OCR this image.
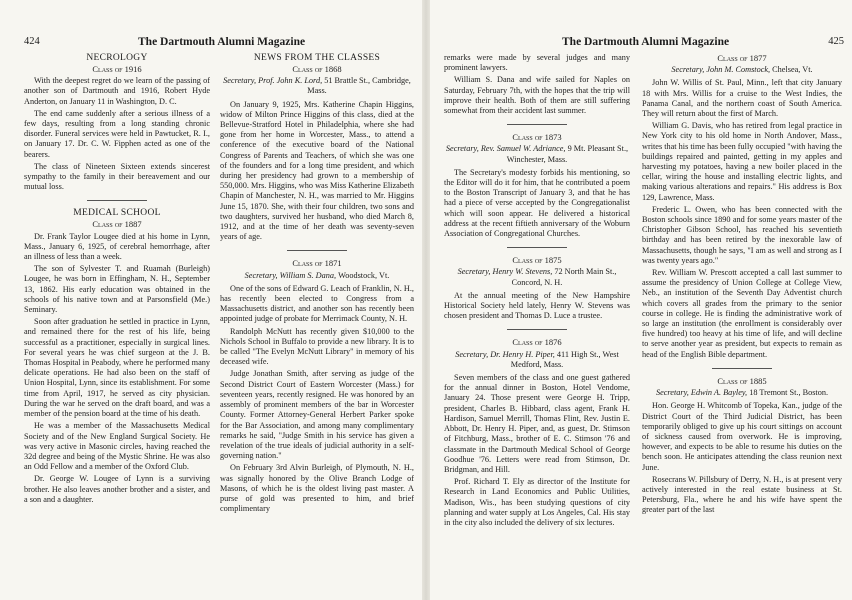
424	The Dartmouth Alumni Magazine
NECROLOGY
Class of 1916

With the deepest regret do we learn of the passing of another son of Dartmouth and 1916, Robert Hyde Anderton, on January 11 in Washington, D. C.

The end came suddenly after a serious illness of a few days, resulting from a long standing chronic disorder. Funeral services were held in Pawtucket, R. I., on January 17. Dr. C. W. Fipphen acted as one of the bearers.

The class of Nineteen Sixteen extends sincerest sympathy to the family in their bereavement and our mutual loss.

MEDICAL SCHOOL
Class of 1887

Dr. Frank Taylor Lougee died at his home in Lynn, Mass., January 6, 1925, of cerebral hemorrhage, after an illness of less than a week.

The son of Sylvester T. and Ruamah (Burleigh) Lougee, he was born in Effingham, N. H., September 13, 1862. His early education was obtained in the schools of his native town and at Parsonsfield (Me.) Seminary.

Soon after graduation he settled in practice in Lynn, and remained there for the rest of his life, being successful as a practitioner, especially in surgical lines. For several years he was chief surgeon at the J. B. Thomas Hospital in Peabody, where he performed many delicate operations. He had also been on the staff of Union Hospital, Lynn, since its establishment. For some time from April, 1917, he served as city physician. During the war he served on the draft board, and was a member of the pension board at the time of his death.

He was a member of the Massachusetts Medical Society and of the New England Surgical Society. He was very active in Masonic circles, having reached the 32d degree and being of the Mystic Shrine. He was also an Odd Fellow and a member of the Oxford Club.

Dr. George W. Lougee of Lynn is a surviving brother. He also leaves another brother and a sister, and a son and a daughter.

NEWS FROM THE CLASSES
Class of 1868
Secretary, Prof. John K. Lord, 51 Brattle St., Cambridge, Mass.

On January 9, 1925, Mrs. Katherine Chapin Higgins, widow of Milton Prince Higgins of this class, died at the Bellevue-Stratford Hotel in Philadelphia, where she had gone from her home in Worcester, Mass., to attend a conference of the executive board of the National Congress of Parents and Teachers, of which she was one of the founders and for a long time president, and which during her presidency had grown to a membership of 550,000. Mrs. Higgins, who was Miss Katherine Elizabeth Chapin of Manchester, N. H., was married to Mr. Higgins June 15, 1870. She, with their four children, two sons and two daughters, survived her husband, who died March 8, 1912, and at the time of her death was seventy-seven years of age.

Class of 1871
Secretary, William S. Dana, Woodstock, Vt.

One of the sons of Edward G. Leach of Franklin, N. H., has recently been elected to Congress from a Massachusetts district, and another son has recently been appointed judge of probate for Merrimack County, N. H.

Randolph McNutt has recently given $10,000 to the Nichols School in Buffalo to provide a new library. It is to be called "The Evelyn McNutt Library" in memory of his deceased wife.

Judge Jonathan Smith, after serving as judge of the Second District Court of Eastern Worcester (Mass.) for seventeen years, recently resigned. He was honored by an assembly of prominent members of the bar in Worcester County. Former Attorney-General Herbert Parker spoke for the Bar Association, and among many complimentary remarks he said, "Judge Smith in his service has given a revelation of the true ideals of judicial authority in a self-governing nation."

On February 3rd Alvin Burleigh, of Plymouth, N. H., was signally honored by the Olive Branch Lodge of Masons, of which he is the oldest living past master. A purse of gold was presented to him, and brief complimentary

The Dartmouth Alumni Magazine	425

remarks were made by several judges and many prominent lawyers.

William S. Dana and wife sailed for Naples on Saturday, February 7th, with the hopes that the trip will improve their health. Both of them are still suffering somewhat from their accident last summer.

Class of 1873
Secretary, Rev. Samuel W. Adriance, 9 Mt. Pleasant St., Winchester, Mass.

The Secretary's modesty forbids his mentioning, so the Editor will do it for him, that he contributed a poem to the Boston Transcript of January 3, and that he has had a piece of verse accepted by the Congregationalist which will soon appear. He delivered a historical address at the recent fiftieth anniversary of the Woburn Association of Congregational Churches.

Class of 1875
Secretary, Henry W. Stevens, 72 North Main St., Concord, N. H.

At the annual meeting of the New Hampshire Historical Society held lately, Henry W. Stevens was chosen president and Thomas D. Luce a trustee.

Class of 1876
Secretary, Dr. Henry H. Piper, 411 High St., West Medford, Mass.

Seven members of the class and one guest gathered for the annual dinner in Boston, Hotel Vendome, January 24. Those present were George H. Tripp, president, Charles B. Hibbard, class agent, Frank H. Hardison, Samuel Merrill, Thomas Flint, Rev. Justin E. Abbott, Dr. Henry H. Piper, and, as guest, Dr. Stimson of Fitchburg, Mass., brother of E. C. Stimson '76 and classmate in the Dartmouth Medical School of George Goodhue '76. Letters were read from Stimson, Dr. Bridgman, and Hill.

Prof. Richard T. Ely as director of the Institute for Research in Land Economics and Public Utilities, Madison, Wis., has been studying questions of city planning and water supply at Los Angeles, Cal. His stay in the city also included the delivery of six lectures.

Class of 1877
Secretary, John M. Comstock, Chelsea, Vt.

John W. Willis of St. Paul, Minn., left that city January 18 with Mrs. Willis for a cruise to the West Indies, the Panama Canal, and the northern coast of South America. They will return about the first of March.

William G. Davis, who has retired from legal practice in New York city to his old home in North Andover, Mass., writes that his time has been fully occupied "with having the buildings repaired and painted, getting in my apples and harvesting my potatoes, having a new boiler placed in the cellar, wiring the house and installing electric lights, and making various alterations and repairs." His address is Box 129, Lawrence, Mass.

Frederic L. Owen, who has been connected with the Boston schools since 1890 and for some years master of the Christopher Gibson School, has reached his seventieth birthday and has been retired by the inexorable law of Massachusetts, though he says, "I am as well and strong as I was twenty years ago."

Rev. William W. Prescott accepted a call last summer to assume the presidency of Union College at College View, Neb., an institution of the Seventh Day Adventist church which covers all grades from the primary to the senior course in college. He is finding the administrative work of so large an institution (the enrollment is considerably over five hundred) too heavy at his time of life, and will decline to serve another year as president, but expects to remain as head of the English Bible department.

Class of 1885
Secretary, Edwin A. Bayley, 18 Tremont St., Boston.

Hon. George H. Whitcomb of Topeka, Kan., judge of the District Court of the Third Judicial District, has been temporarily obliged to give up his court sittings on account of sickness caused from overwork. He is improving, however, and expects to be able to resume his duties on the bench soon. He anticipates attending the class reunion next June.

Rosecrans W. Pillsbury of Derry, N. H., is at present very actively interested in the real estate business at St. Petersburg, Fla., where he and his wife have spent the greater part of the last
